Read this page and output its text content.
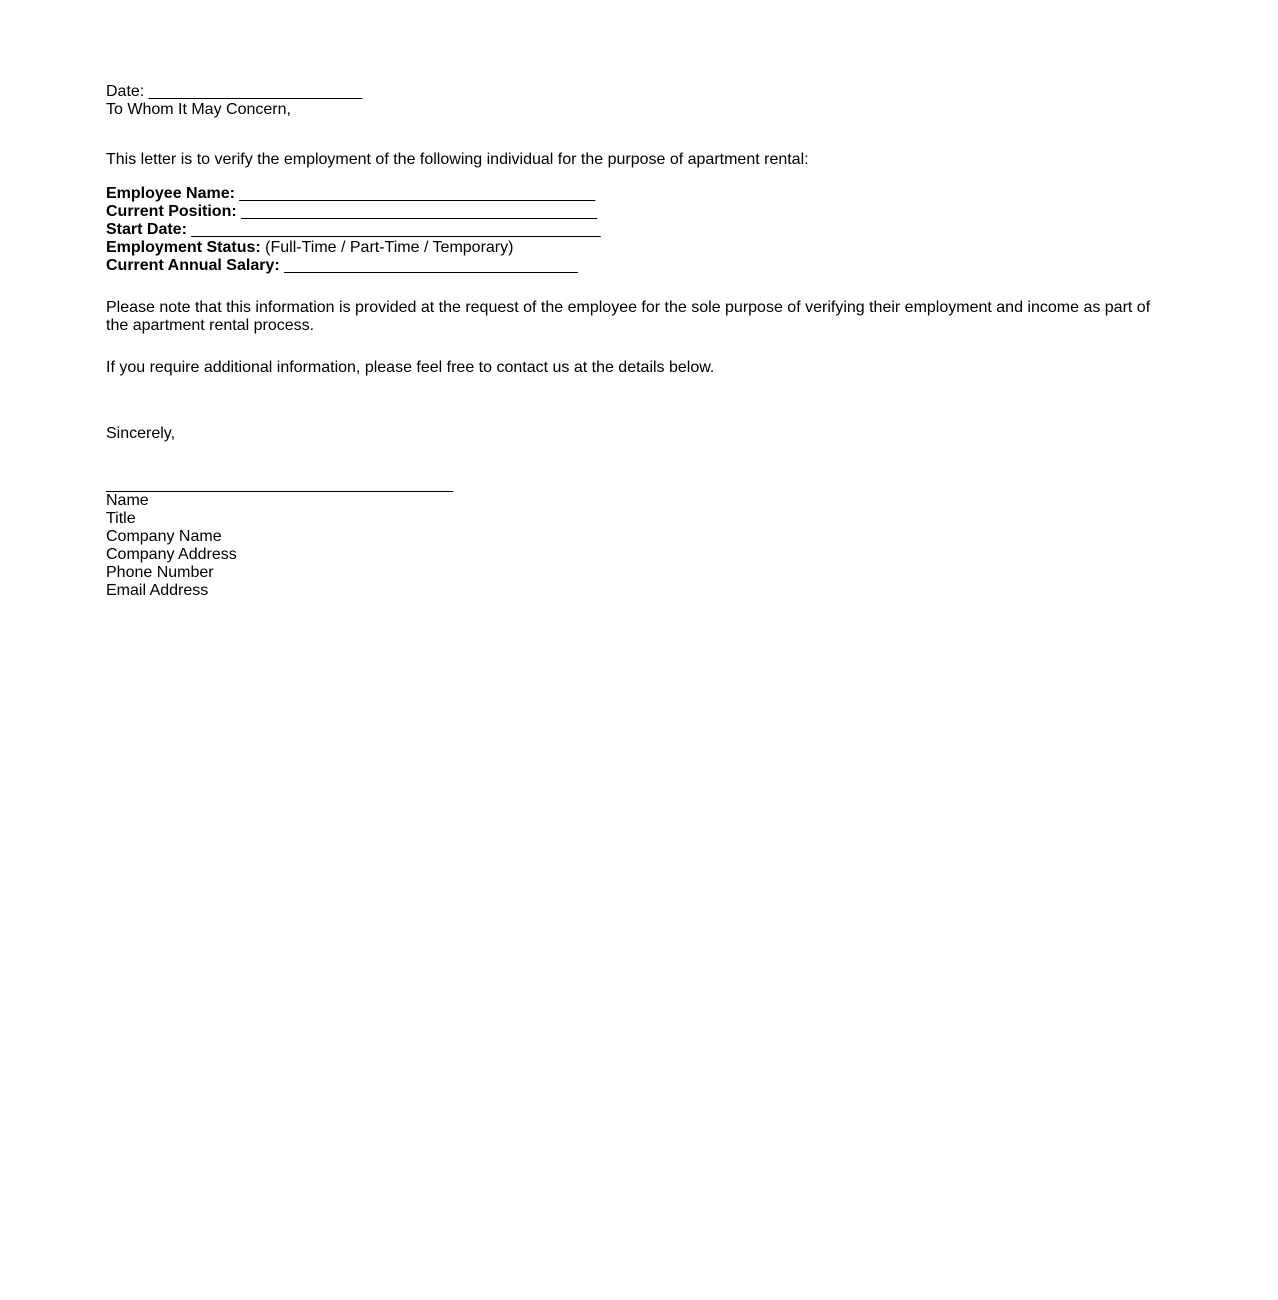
Date: ________________________
To Whom It May Concern,
This letter is to verify the employment of the following individual for the purpose of apartment rental:
Employee Name: ________________________________________
Current Position: ________________________________________
Start Date: ______________________________________________
Employment Status: (Full-Time / Part-Time / Temporary)
Current Annual Salary: _________________________________
Please note that this information is provided at the request of the employee for the sole purpose of verifying their employment and income as part of the apartment rental process.
If you require additional information, please feel free to contact us at the details below.
Sincerely,
Name
Title
Company Name
Company Address
Phone Number
Email Address
